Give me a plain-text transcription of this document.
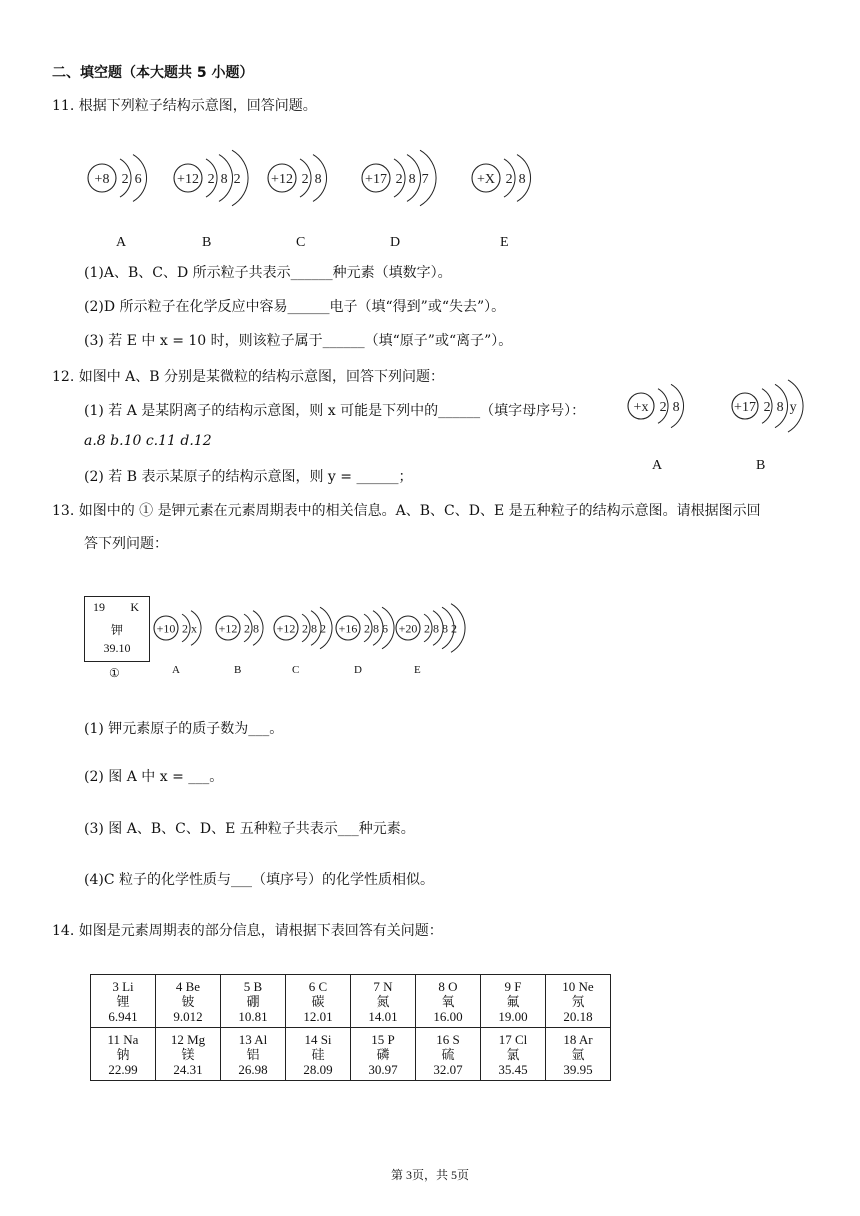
二、填空题（本大题共 5 小题）
11. 根据下列粒子结构示意图，回答问题。
+8 2 6
A
+12 2 8 2
B
+12 2 8
C
+17 2 8 7
D
+X 2 8
E
(1)A、B、C、D 所示粒子共表示______种元素（填数字）。
(2)D 所示粒子在化学反应中容易______电子（填“得到”或“失去”）。
(3) 若 E 中 x = 10 时，则该粒子属于______（填“原子”或“离子”）。
12. 如图中 A、B 分别是某微粒的结构示意图，回答下列问题：
(1) 若 A 是某阴离子的结构示意图，则 x 可能是下列中的______（填字母序号）：
a.8 b.10 c.11 d.12
(2) 若 B 表示某原子的结构示意图，则 y = ______；
+x 2 8
A
+17 2 8 y
B
13. 如图中的 ① 是钾元素在元素周期表中的相关信息。A、B、C、D、E 是五种粒子的结构示意图。请根据图示回
答下列问题：
19 K
钾
39.10
①
+10 2 x
A
+12 2 8
B
+12 2 8 2
C
+16 2 8 6
D
+20 2 8 8 2
E
(1) 钾元素原子的质子数为___。
(2) 图 A 中 x = ___。
(3) 图 A、B、C、D、E 五种粒子共表示___种元素。
(4)C 粒子的化学性质与___（填序号）的化学性质相似。
14. 如图是元素周期表的部分信息，请根据下表回答有关问题：
3 Li
锂
6.941	4 Be
铍
9.012	5 B
硼
10.81	6 C
碳
12.01	7 N
氮
14.01	8 O
氧
16.00	9 F
氟
19.00	10 Ne
氖
20.18

11 Na
钠
22.99	12 Mg
镁
24.31	13 Al
铝
26.98	14 Si
硅
28.09	15 P
磷
30.97	16 S
硫
32.07	17 Cl
氯
35.45	18 Ar
氩
39.95
第 3页，共 5页
